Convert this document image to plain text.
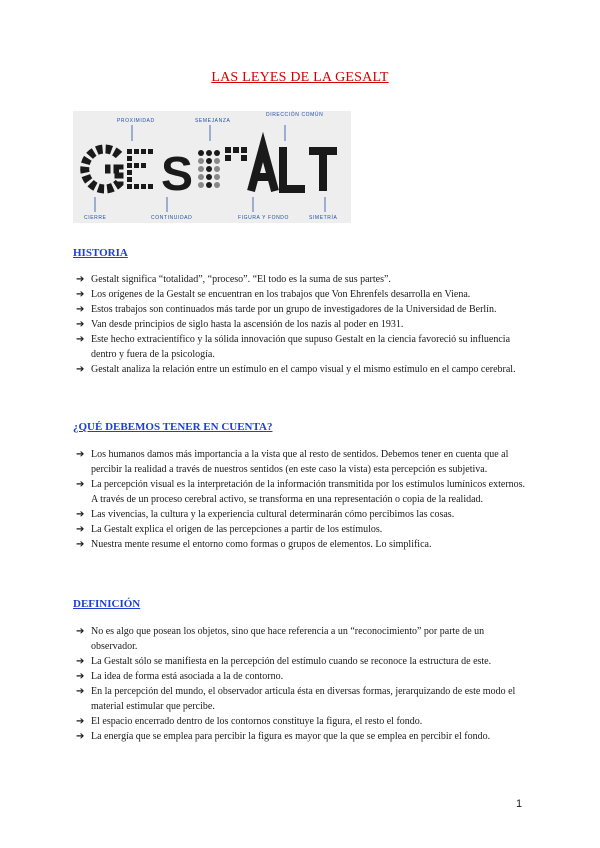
LAS LEYES DE LA GESALT
PROXIMIDAD	SEMEJANZA
DIRECCIÓN COMÚN
CIERRE	CONTINUIDAD	FIGURA Y FONDO	SIMETRÍA
S
HISTORIA
➔ Gestalt significa “totalidad”, “proceso”. “El todo es la suma de sus partes”.
➔ Los orígenes de la Gestalt se encuentran en los trabajos que Von Ehrenfels desarrolla en Viena.
➔ Estos trabajos son continuados más tarde por un grupo de investigadores de la Universidad de Berlín.
➔ Van desde principios de siglo hasta la ascensión de los nazis al poder en 1931.
➔ Este hecho extracientífico y la sólida innovación que supuso Gestalt en la ciencia favoreció su influencia dentro y fuera de la psicología.
➔ Gestalt analiza la relación entre un estímulo en el campo visual y el mismo estímulo en el campo cerebral.
¿QUÉ DEBEMOS TENER EN CUENTA?
➔ Los humanos damos más importancia a la vista que al resto de sentidos. Debemos tener en cuenta que al percibir la realidad a través de nuestros sentidos (en este caso la vista) esta percepción es subjetiva.
➔ La percepción visual es la interpretación de la información transmitida por los estímulos lumínicos externos. A través de un proceso cerebral activo, se transforma en una representación o copia de la realidad.
➔ Las vivencias, la cultura y la experiencia cultural determinarán cómo percibimos las cosas.
➔ La Gestalt explica el origen de las percepciones a partir de los estímulos.
➔ Nuestra mente resume el entorno como formas o grupos de elementos. Lo simplifica.
DEFINICIÓN
➔ No es algo que posean los objetos, sino que hace referencia a un “reconocimiento” por parte de un observador.
➔ La Gestalt sólo se manifiesta en la percepción del estímulo cuando se reconoce la estructura de este.
➔ La idea de forma está asociada a la de contorno.
➔ En la percepción del mundo, el observador articula ésta en diversas formas, jerarquizando de este modo el material estimular que percibe.
➔ El espacio encerrado dentro de los contornos constituye la figura, el resto el fondo.
➔ La energía que se emplea para percibir la figura es mayor que la que se emplea en percibir el fondo.
1
